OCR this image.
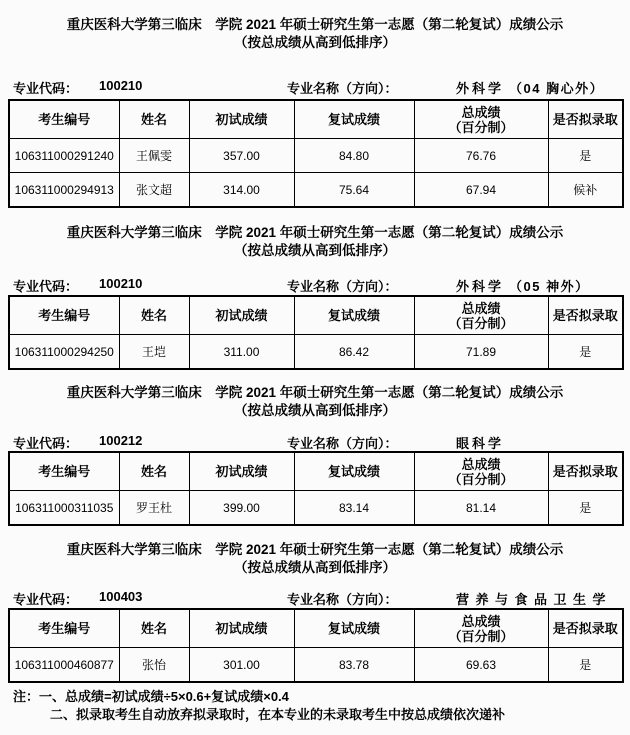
重庆医科大学第三临床　学院 2021 年硕士研究生第一志愿（第二轮复试）成绩公示
（按总成绩从高到低排序）
专业代码： 100210	专业名称（方向）：	外科学 （04 胸心外）
考生编号	姓名	初试成绩	复试成绩	总成绩
（百分制）	是否拟录取
106311000291240	王佩雯	357.00	84.80	76.76	是
106311000294913	张文超	314.00	75.64	67.94	候补
重庆医科大学第三临床　学院 2021 年硕士研究生第一志愿（第二轮复试）成绩公示
（按总成绩从高到低排序）
专业代码： 100210	专业名称（方向）：	外科学 （05 神外）
考生编号	姓名	初试成绩	复试成绩	总成绩
（百分制）	是否拟录取
106311000294250	王垲	311.00	86.42	71.89	是
重庆医科大学第三临床　学院 2021 年硕士研究生第一志愿（第二轮复试）成绩公示
（按总成绩从高到低排序）
专业代码： 100212	专业名称（方向）：	眼科学
考生编号	姓名	初试成绩	复试成绩	总成绩
（百分制）	是否拟录取
106311000311035	罗王杜	399.00	83.14	81.14	是
重庆医科大学第三临床　学院 2021 年硕士研究生第一志愿（第二轮复试）成绩公示
（按总成绩从高到低排序）
专业代码： 100403	专业名称（方向）：	营养与食品卫生学
考生编号	姓名	初试成绩	复试成绩	总成绩
（百分制）	是否拟录取
106311000460877	张怡	301.00	83.78	69.63	是
注：一、总成绩=初试成绩÷5×0.6+复试成绩×0.4
二、拟录取考生自动放弃拟录取时，在本专业的未录取考生中按总成绩依次递补
